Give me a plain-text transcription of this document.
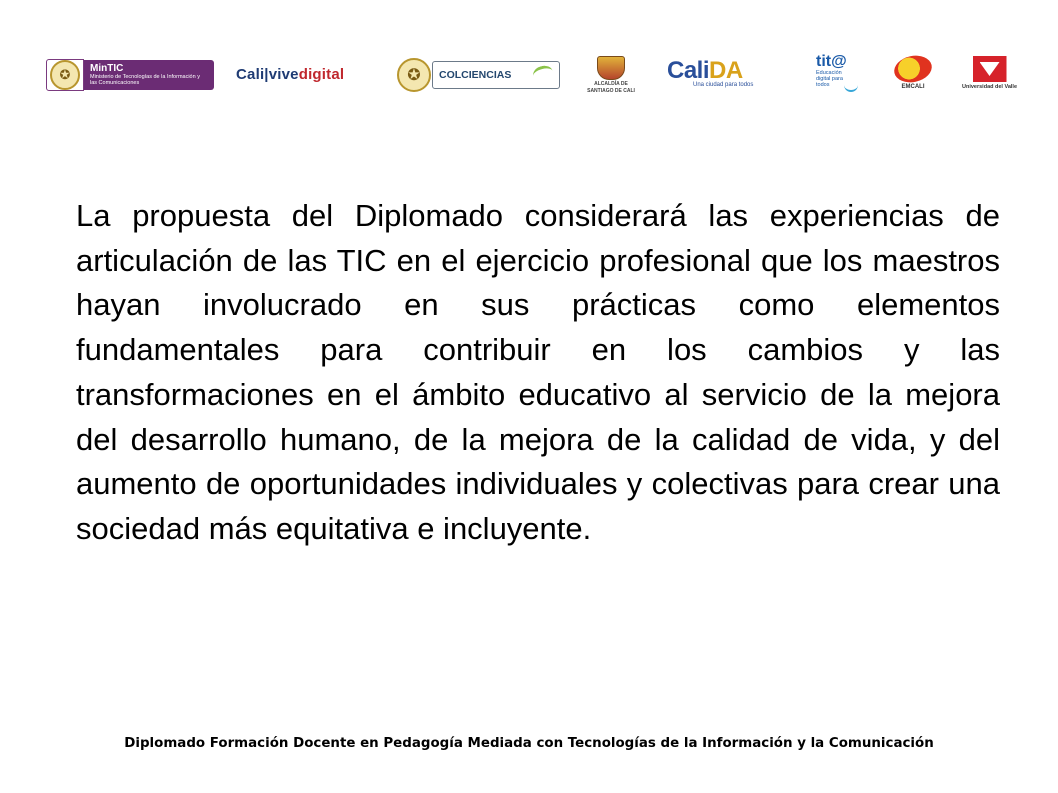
✪	MinTIC
Ministerio de Tecnologías de la Información y las Comunicaciones	Cali|vive digital	✪	COLCIENCIAS
ALCALDÍA DE
SANTIAGO DE CALI
CaliDA
Una ciudad para todos
tit@
Educación digital para todos	EMCALI	Universidad del Valle

La propuesta del Diplomado considerará las experiencias de articulación de las TIC en el ejercicio profesional que los maestros hayan involucrado en sus prácticas como elementos fundamentales para contribuir en los cambios y las transformaciones en el ámbito educativo al servicio de la mejora del desarrollo humano, de la mejora de la calidad de vida, y del aumento de oportunidades individuales y colectivas para crear una sociedad más equitativa e incluyente.

Diplomado Formación Docente en Pedagogía Mediada con Tecnologías de la Información y la Comunicación
